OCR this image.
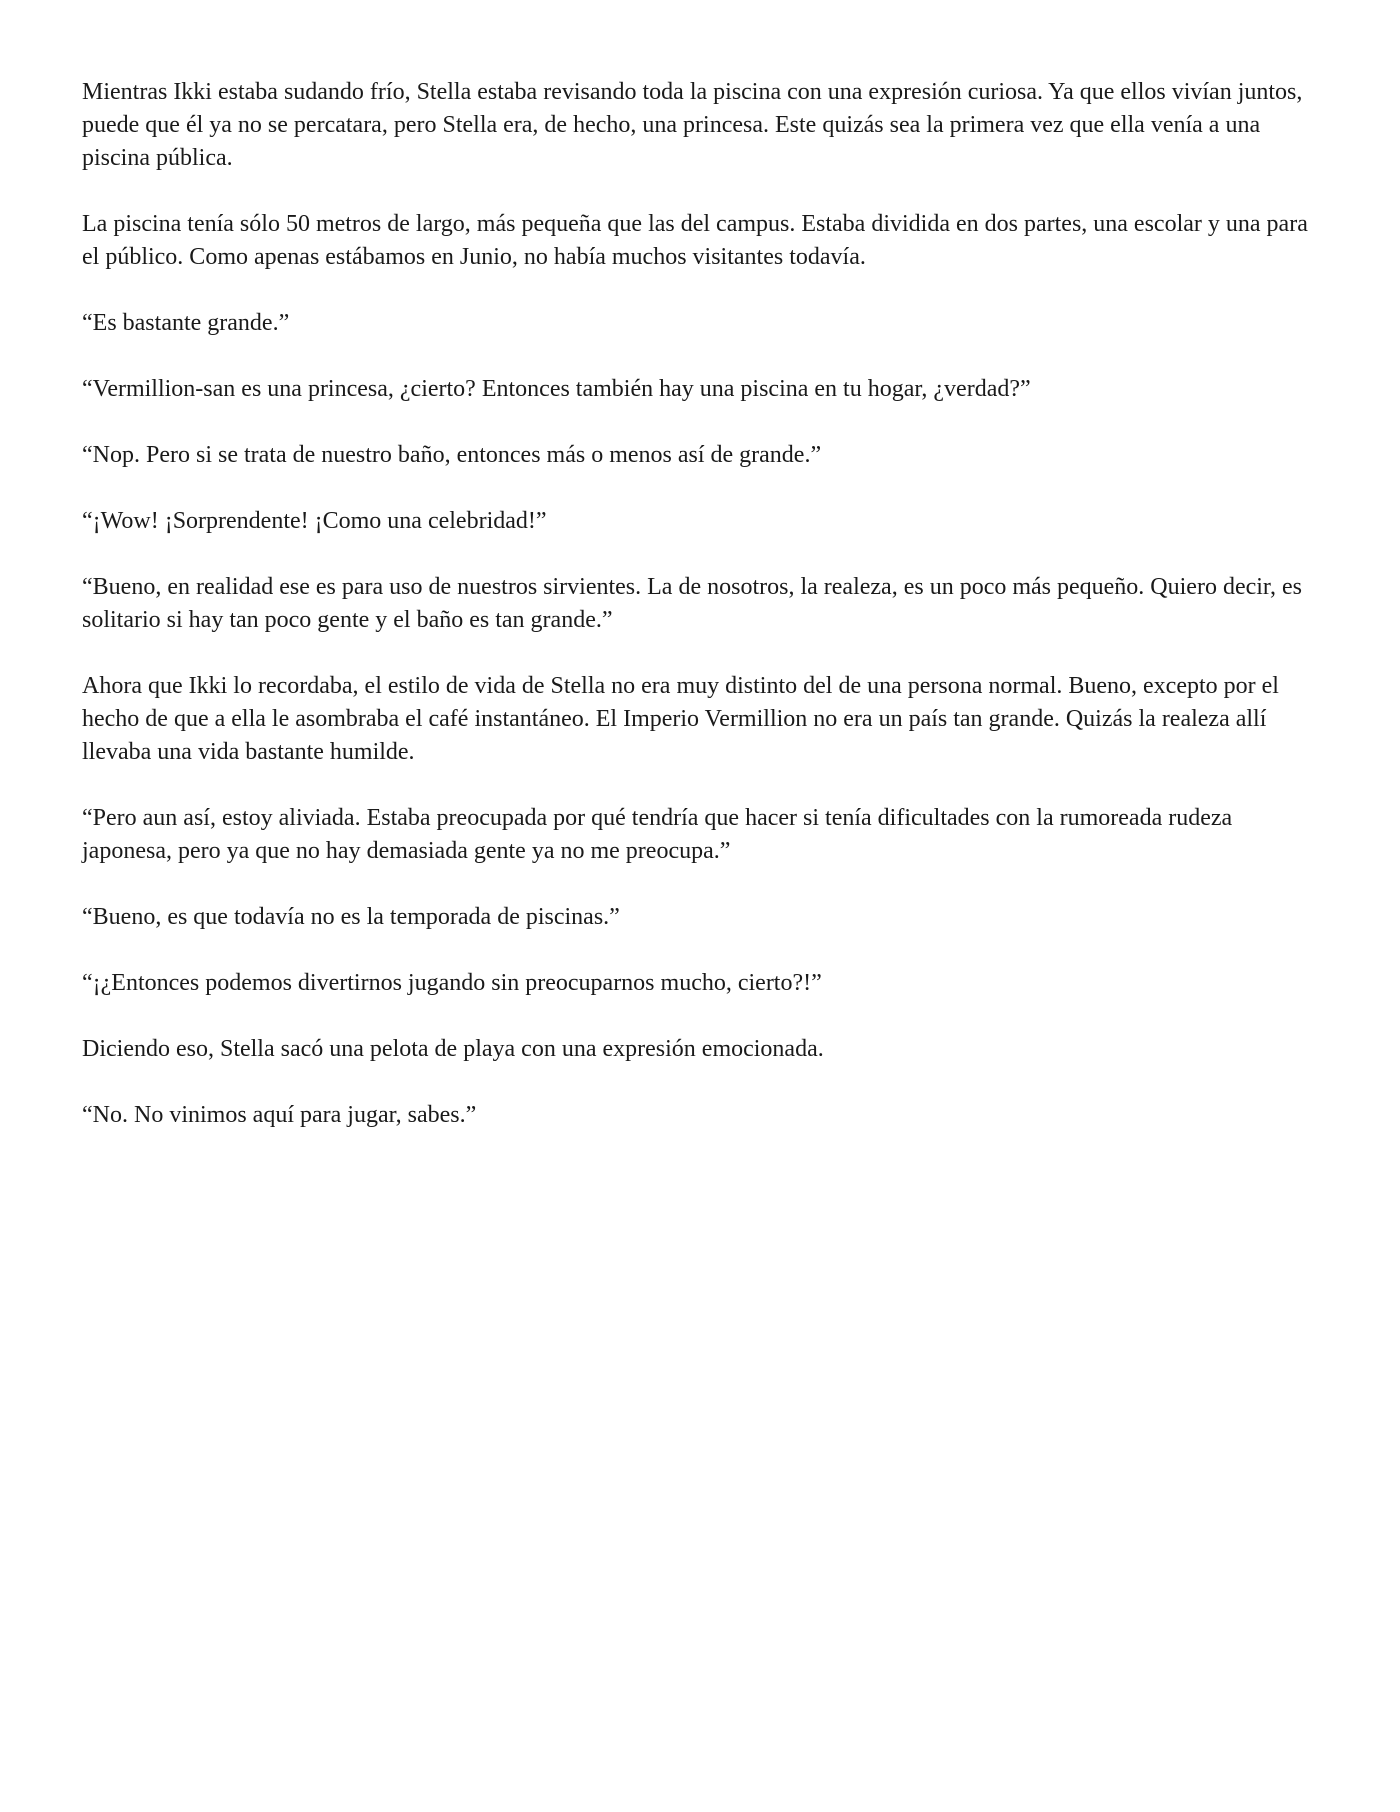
Mientras Ikki estaba sudando frío, Stella estaba revisando toda la piscina con una expresión curiosa. Ya que ellos vivían juntos, puede que él ya no se percatara, pero Stella era, de hecho, una princesa. Este quizás sea la primera vez que ella venía a una piscina pública.

La piscina tenía sólo 50 metros de largo, más pequeña que las del campus. Estaba dividida en dos partes, una escolar y una para el público. Como apenas estábamos en Junio, no había muchos visitantes todavía.

“Es bastante grande.”

“Vermillion-san es una princesa, ¿cierto? Entonces también hay una piscina en tu hogar, ¿verdad?”

“Nop. Pero si se trata de nuestro baño, entonces más o menos así de grande.”

“¡Wow! ¡Sorprendente! ¡Como una celebridad!”

“Bueno, en realidad ese es para uso de nuestros sirvientes. La de nosotros, la realeza, es un poco más pequeño. Quiero decir, es solitario si hay tan poco gente y el baño es tan grande.”

Ahora que Ikki lo recordaba, el estilo de vida de Stella no era muy distinto del de una persona normal. Bueno, excepto por el hecho de que a ella le asombraba el café instantáneo. El Imperio Vermillion no era un país tan grande. Quizás la realeza allí llevaba una vida bastante humilde.

“Pero aun así, estoy aliviada. Estaba preocupada por qué tendría que hacer si tenía dificultades con la rumoreada rudeza japonesa, pero ya que no hay demasiada gente ya no me preocupa.”

“Bueno, es que todavía no es la temporada de piscinas.”

“¡¿Entonces podemos divertirnos jugando sin preocuparnos mucho, cierto?!”

Diciendo eso, Stella sacó una pelota de playa con una expresión emocionada.

“No. No vinimos aquí para jugar, sabes.”
